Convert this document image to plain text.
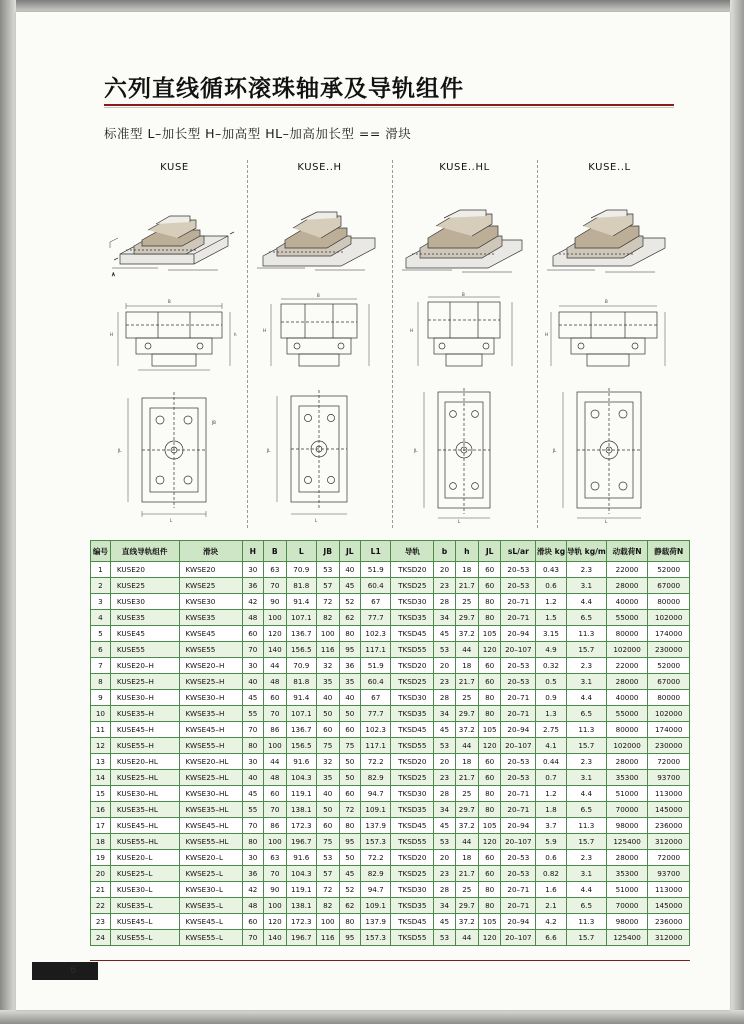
六列直线循环滚珠轴承及导轨组件
标准型 L–加长型 H–加高型 HL–加高加长型 == 滑块
KUSE
A
B
H	h
L
JL
JB
KUSE..H
B
H
L
JL
KUSE..HL
B
H
L
JL
KUSE..L
B
H
L
JL
编号	直线导轨组件	滑块	H	B	L	JB	JL	L1	导轨	b	h	JL	sL/ar	滑块 kg	导轨 kg/m	动载荷N	静载荷N
1	KUSE20	KWSE20	30	63	70.9	53	40	51.9	TKSD20	20	18	60	20–53	0.43	2.3	22000	52000
2	KUSE25	KWSE25	36	70	81.8	57	45	60.4	TKSD25	23	21.7	60	20–53	0.6	3.1	28000	67000
3	KUSE30	KWSE30	42	90	91.4	72	52	67	TKSD30	28	25	80	20–71	1.2	4.4	40000	80000
4	KUSE35	KWSE35	48	100	107.1	82	62	77.7	TKSD35	34	29.7	80	20–71	1.5	6.5	55000	102000
5	KUSE45	KWSE45	60	120	136.7	100	80	102.3	TKSD45	45	37.2	105	20–94	3.15	11.3	80000	174000
6	KUSE55	KWSE55	70	140	156.5	116	95	117.1	TKSD55	53	44	120	20–107	4.9	15.7	102000	230000
7	KUSE20–H	KWSE20–H	30	44	70.9	32	36	51.9	TKSD20	20	18	60	20–53	0.32	2.3	22000	52000
8	KUSE25–H	KWSE25–H	40	48	81.8	35	35	60.4	TKSD25	23	21.7	60	20–53	0.5	3.1	28000	67000
9	KUSE30–H	KWSE30–H	45	60	91.4	40	40	67	TKSD30	28	25	80	20–71	0.9	4.4	40000	80000
10	KUSE35–H	KWSE35–H	55	70	107.1	50	50	77.7	TKSD35	34	29.7	80	20–71	1.3	6.5	55000	102000
11	KUSE45–H	KWSE45–H	70	86	136.7	60	60	102.3	TKSD45	45	37.2	105	20–94	2.75	11.3	80000	174000
12	KUSE55–H	KWSE55–H	80	100	156.5	75	75	117.1	TKSD55	53	44	120	20–107	4.1	15.7	102000	230000
13	KUSE20–HL	KWSE20–HL	30	44	91.6	32	50	72.2	TKSD20	20	18	60	20–53	0.44	2.3	28000	72000
14	KUSE25–HL	KWSE25–HL	40	48	104.3	35	50	82.9	TKSD25	23	21.7	60	20–53	0.7	3.1	35300	93700
15	KUSE30–HL	KWSE30–HL	45	60	119.1	40	60	94.7	TKSD30	28	25	80	20–71	1.2	4.4	51000	113000
16	KUSE35–HL	KWSE35–HL	55	70	138.1	50	72	109.1	TKSD35	34	29.7	80	20–71	1.8	6.5	70000	145000
17	KUSE45–HL	KWSE45–HL	70	86	172.3	60	80	137.9	TKSD45	45	37.2	105	20–94	3.7	11.3	98000	236000
18	KUSE55–HL	KWSE55–HL	80	100	196.7	75	95	157.3	TKSD55	53	44	120	20–107	5.9	15.7	125400	312000
19	KUSE20–L	KWSE20–L	30	63	91.6	53	50	72.2	TKSD20	20	18	60	20–53	0.6	2.3	28000	72000
20	KUSE25–L	KWSE25–L	36	70	104.3	57	45	82.9	TKSD25	23	21.7	60	20–53	0.82	3.1	35300	93700
21	KUSE30–L	KWSE30–L	42	90	119.1	72	52	94.7	TKSD30	28	25	80	20–71	1.6	4.4	51000	113000
22	KUSE35–L	KWSE35–L	48	100	138.1	82	62	109.1	TKSD35	34	29.7	80	20–71	2.1	6.5	70000	145000
23	KUSE45–L	KWSE45–L	60	120	172.3	100	80	137.9	TKSD45	45	37.2	105	20–94	4.2	11.3	98000	236000
24	KUSE55–L	KWSE55–L	70	140	196.7	116	95	157.3	TKSD55	53	44	120	20–107	6.6	15.7	125400	312000
6
